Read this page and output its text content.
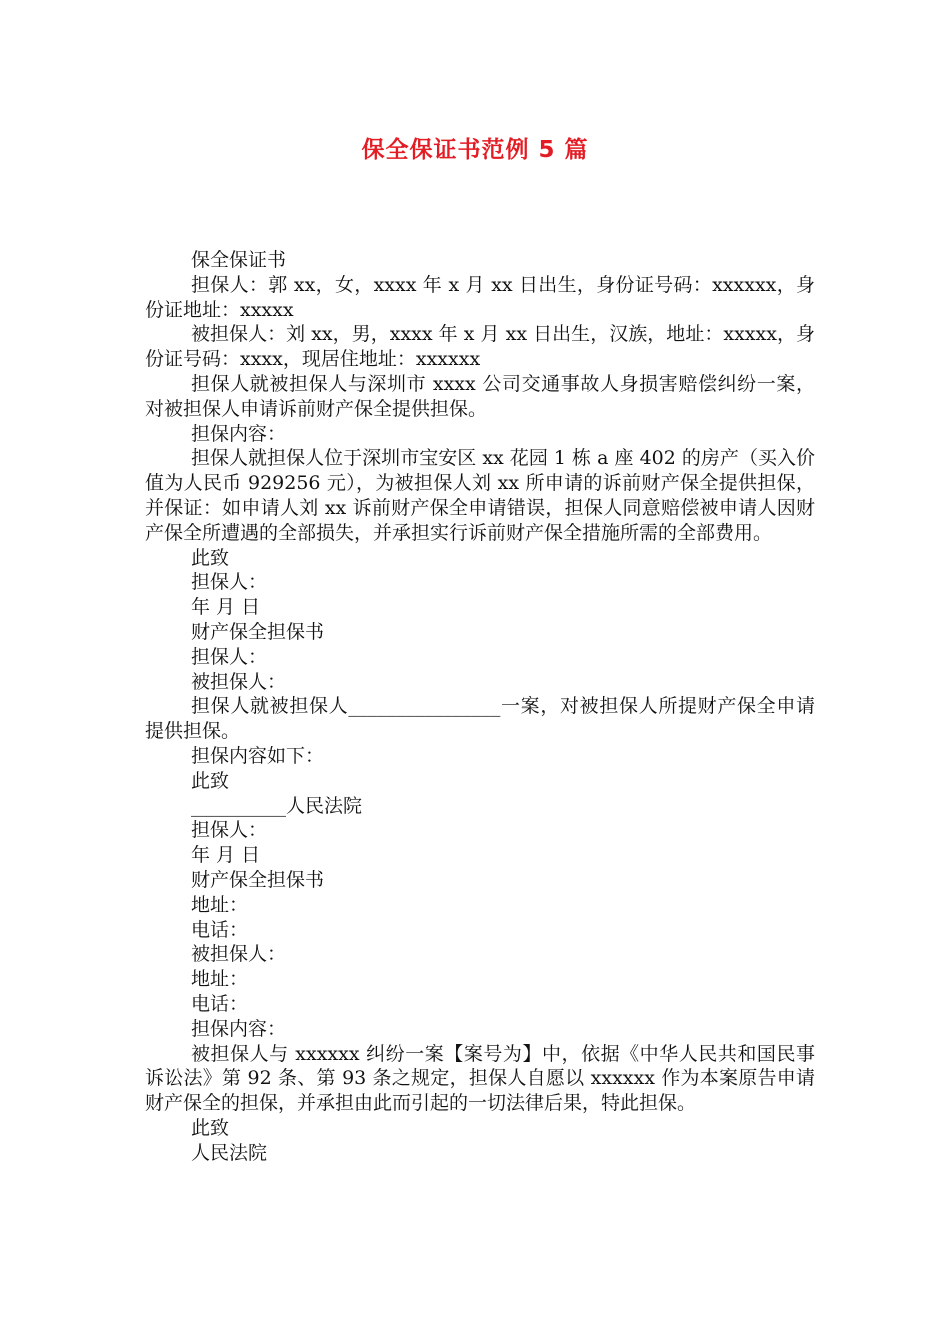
保全保证书范例 5 篇

保全保证书

担保人：郭 xx，女，xxxx 年 x 月 xx 日出生，身份证号码：xxxxxx，身份证地址：xxxxx

被担保人：刘 xx，男，xxxx 年 x 月 xx 日出生，汉族，地址：xxxxx，身份证号码：xxxx，现居住地址：xxxxxx

担保人就被担保人与深圳市 xxxx 公司交通事故人身损害赔偿纠纷一案，对被担保人申请诉前财产保全提供担保。

担保内容：

担保人就担保人位于深圳市宝安区 xx 花园 1 栋 a 座 402 的房产（买入价值为人民币 929256 元），为被担保人刘 xx 所申请的诉前财产保全提供担保，并保证：如申请人刘 xx 诉前财产保全申请错误，担保人同意赔偿被申请人因财产保全所遭遇的全部损失，并承担实行诉前财产保全措施所需的全部费用。

此致

担保人：

年 月 日

财产保全担保书

担保人：

被担保人：

担保人就被担保人________________一案，对被担保人所提财产保全申请提供担保。

担保内容如下：

此致

__________人民法院

担保人：

年 月 日

财产保全担保书

地址：

电话：

被担保人：

地址：

电话：

担保内容：

被担保人与 xxxxxx 纠纷一案【案号为】中，依据《中华人民共和国民事诉讼法》第 92 条、第 93 条之规定，担保人自愿以 xxxxxx 作为本案原告申请财产保全的担保，并承担由此而引起的一切法律后果，特此担保。

此致

人民法院
